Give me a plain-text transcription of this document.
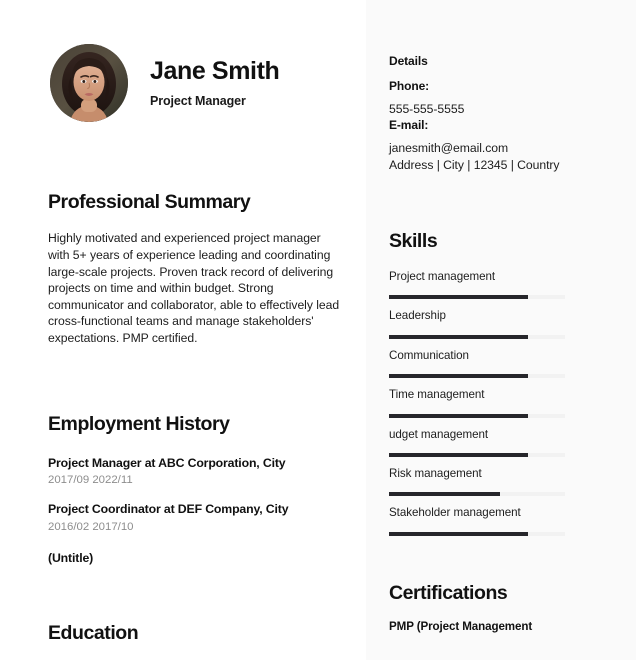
Jane Smith
Project Manager
Professional Summary

Highly motivated and experienced project manager with 5+ years of experience leading and coordinating large-scale projects. Proven track record of delivering projects on time and within budget. Strong communicator and collaborator, able to effectively lead cross-functional teams and manage stakeholders' expectations. PMP certified.

Employment History
Project Manager at ABC Corporation, City
2017/09 2022/11
Project Coordinator at DEF Company, City
2016/02 2017/10
(Untitle)
Education
Details
Phone:
555-555-5555
E-mail:
janesmith@email.com
Address | City | 12345 | Country
Skills
Project management
Leadership
Communication
Time management
udget management
Risk management
Stakeholder management
Certifications
PMP (Project Management
